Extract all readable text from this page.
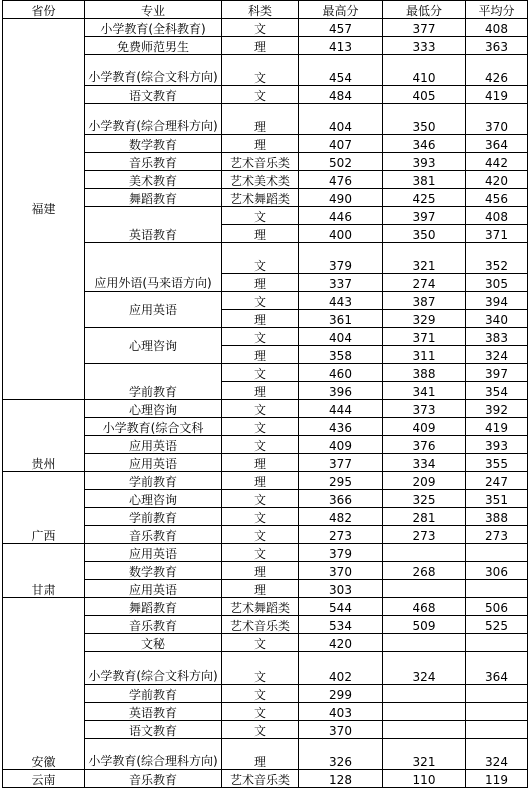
省份	专业	科类	最高分	最低分	平均分
福建	小学教育(全科教育)	文	457	377	408
	免费师范男生	理	413	333	363
	小学教育(综合文科方向)	文	454	410	426
	语文教育	文	484	405	419
	小学教育(综合理科方向)	理	404	350	370
	数学教育	理	407	346	364
	音乐教育	艺术音乐类	502	393	442
	美术教育	艺术美术类	476	381	420
	舞蹈教育	艺术舞蹈类	490	425	456
	英语教育	文	446	397	408
		理	400	350	371
	应用外语(马来语方向)	文	379	321	352
		理	337	274	305
	应用英语	文	443	387	394
		理	361	329	340
	心理咨询	文	404	371	383
		理	358	311	324
	学前教育	文	460	388	397
		理	396	341	354
贵州	心理咨询	文	444	373	392
	小学教育(综合文科	文	436	409	419
	应用英语	文	409	376	393
	应用英语	理	377	334	355
广西	学前教育	理	295	209	247
	心理咨询	文	366	325	351
	学前教育	文	482	281	388
	音乐教育	文	273	273	273
甘肃	应用英语	文	379		
	数学教育	理	370	268	306
	应用英语	理	303		
安徽	舞蹈教育	艺术舞蹈类	544	468	506
	音乐教育	艺术音乐类	534	509	525
	文秘	文	420		
	小学教育(综合文科方向)	文	402	324	364
	学前教育	文	299		
	英语教育	文	403		
	语文教育	文	370		
	小学教育(综合理科方向)	理	326	321	324
云南	音乐教育	艺术音乐类	128	110	119
